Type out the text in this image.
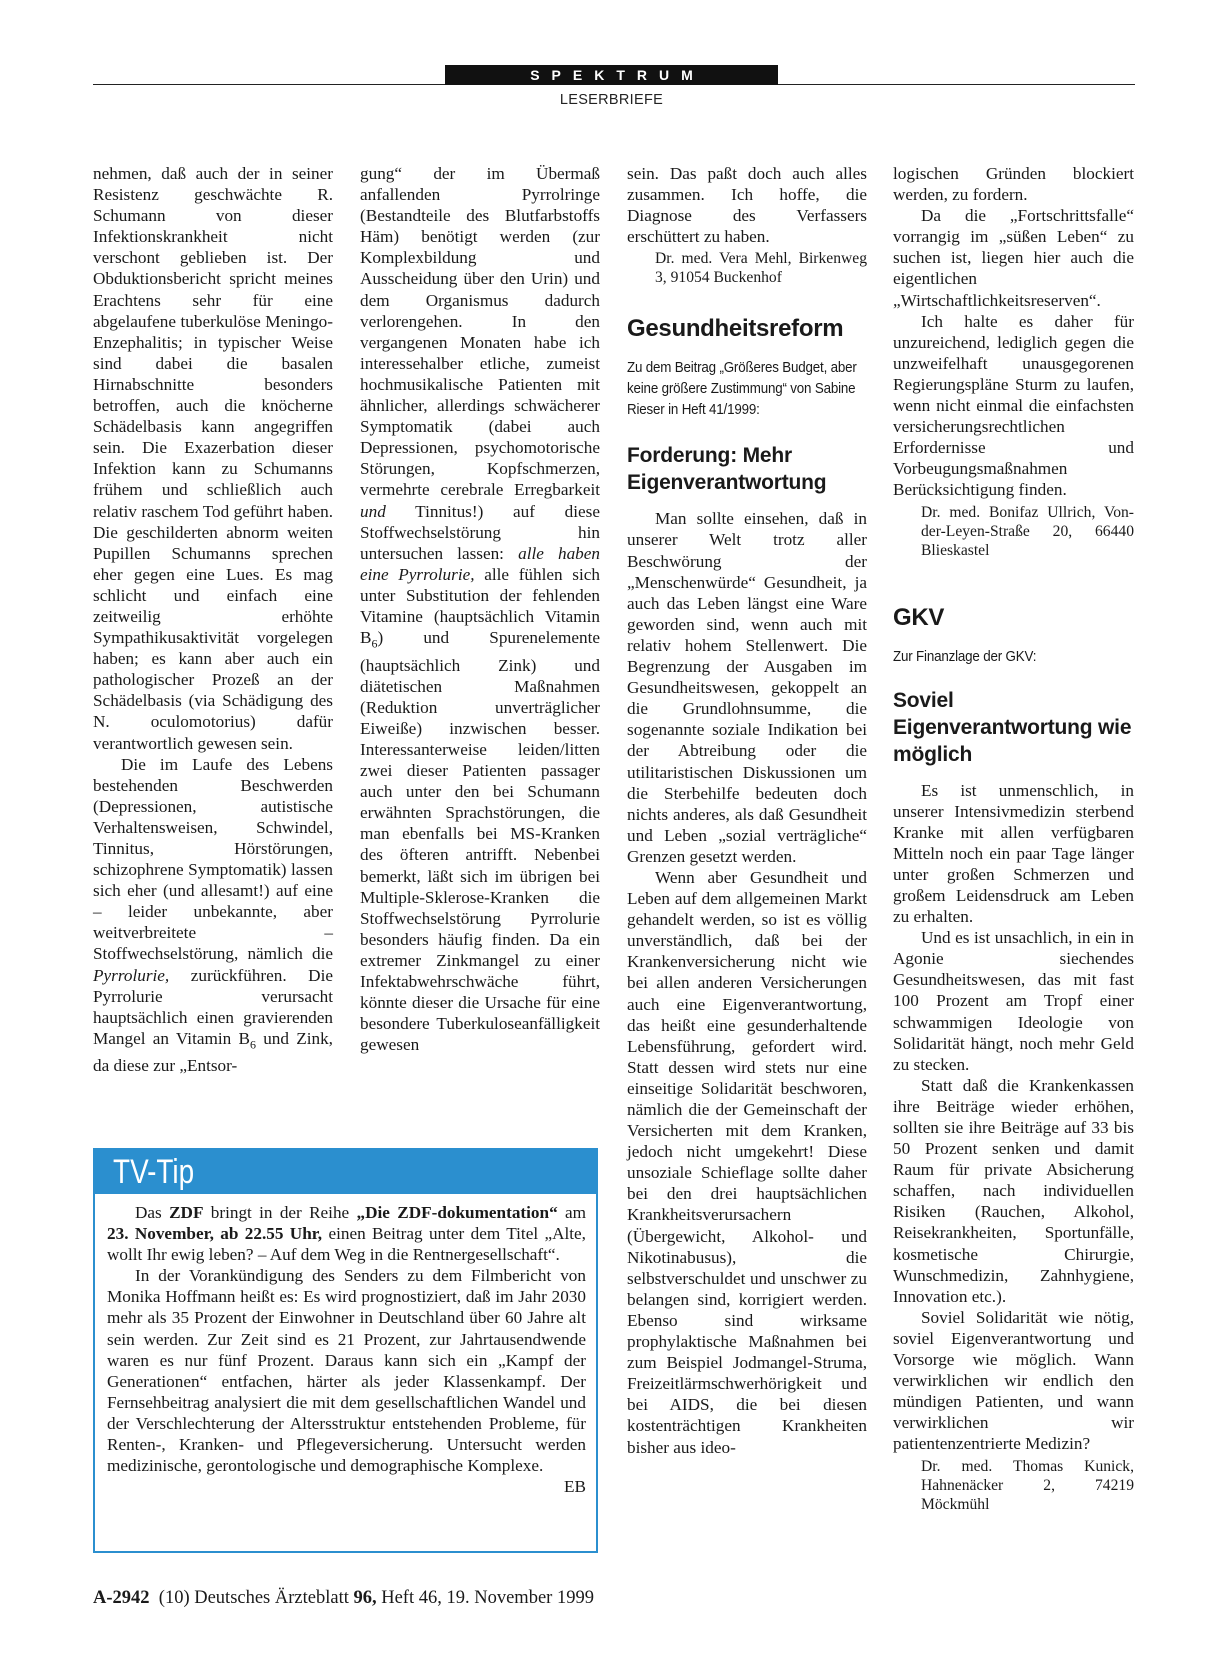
SPEKTRUM
LESERBRIEFE

nehmen, daß auch der in seiner Resistenz geschwächte R. Schumann von dieser Infektionskrankheit nicht verschont geblieben ist. Der Obduktionsbericht spricht meines Erachtens sehr für eine abgelaufene tuberkulöse Meningo-Enzephalitis; in typischer Weise sind dabei die basalen Hirnabschnitte besonders betroffen, auch die knöcherne Schädelbasis kann angegriffen sein. Die Exazerbation dieser Infektion kann zu Schumanns frühem und schließlich auch relativ raschem Tod geführt haben. Die geschilderten abnorm weiten Pupillen Schumanns sprechen eher gegen eine Lues. Es mag schlicht und einfach eine zeitweilig erhöhte Sympathikusaktivität vorgelegen haben; es kann aber auch ein pathologischer Prozeß an der Schädelbasis (via Schädigung des N. oculomotorius) dafür verantwortlich gewesen sein.

Die im Laufe des Lebens bestehenden Beschwerden (Depressionen, autistische Verhaltensweisen, Schwindel, Tinnitus, Hörstörungen, schizophrene Symptomatik) lassen sich eher (und allesamt!) auf eine – leider unbekannte, aber weitverbreitete – Stoffwechselstörung, nämlich die Pyrrolurie, zurückführen. Die Pyrrolurie verursacht hauptsächlich einen gravierenden Mangel an Vitamin $B_6$ und Zink, da diese zur „Entsor-

gung“ der im Übermaß anfallenden Pyrrolringe (Bestandteile des Blutfarbstoffs Häm) benötigt werden (zur Komplexbildung und Ausscheidung über den Urin) und dem Organismus dadurch verlorengehen. In den vergangenen Monaten habe ich interessehalber etliche, zumeist hochmusikalische Patienten mit ähnlicher, allerdings schwächerer Symptomatik (dabei auch Depressionen, psychomotorische Störungen, Kopfschmerzen, vermehrte cerebrale Erregbarkeit und Tinnitus!) auf diese Stoffwechselstörung hin untersuchen lassen: alle haben eine Pyrrolurie, alle fühlen sich unter Substitution der fehlenden Vitamine (hauptsächlich Vitamin $B_6$) und Spurenelemente (hauptsächlich Zink) und diätetischen Maßnahmen (Reduktion unverträglicher Eiweiße) inzwischen besser. Interessanterweise leiden/litten zwei dieser Patienten passager auch unter den bei Schumann erwähnten Sprachstörungen, die man ebenfalls bei MS-Kranken des öfteren antrifft. Nebenbei bemerkt, läßt sich im übrigen bei Multiple-Sklerose-Kranken die Stoffwechselstörung Pyrrolurie besonders häufig finden. Da ein extremer Zinkmangel zu einer Infektabwehrschwäche führt, könnte dieser die Ursache für eine besondere Tuberkuloseanfälligkeit gewesen

sein. Das paßt doch auch alles zusammen. Ich hoffe, die Diagnose des Verfassers erschüttert zu haben.

Dr. med. Vera Mehl, Birkenweg 3, 91054 Buckenhof

Gesundheitsreform

Zu dem Beitrag „Größeres Budget, aber keine größere Zustimmung“ von Sabine Rieser in Heft 41/1999:

Forderung: Mehr Eigenverantwortung

Man sollte einsehen, daß in unserer Welt trotz aller Beschwörung der „Menschenwürde“ Gesundheit, ja auch das Leben längst eine Ware geworden sind, wenn auch mit relativ hohem Stellenwert. Die Begrenzung der Ausgaben im Gesundheitswesen, gekoppelt an die Grundlohnsumme, die sogenannte soziale Indikation bei der Abtreibung oder die utilitaristischen Diskussionen um die Sterbehilfe bedeuten doch nichts anderes, als daß Gesundheit und Leben „sozial verträgliche“ Grenzen gesetzt werden.

Wenn aber Gesundheit und Leben auf dem allgemeinen Markt gehandelt werden, so ist es völlig unverständlich, daß bei der Krankenversicherung nicht wie bei allen anderen Versicherungen auch eine Eigenverantwortung, das heißt eine gesunderhaltende Lebensführung, gefordert wird. Statt dessen wird stets nur eine einseitige Solidarität beschworen, nämlich die der Gemeinschaft der Versicherten mit dem Kranken, jedoch nicht umgekehrt! Diese unsoziale Schieflage sollte daher bei den drei hauptsächlichen Krankheitsverursachern (Übergewicht, Alkohol- und Nikotinabusus), die selbstverschuldet und unschwer zu belangen sind, korrigiert werden. Ebenso sind wirksame prophylaktische Maßnahmen bei zum Beispiel Jodmangel-Struma, Freizeitlärmschwerhörigkeit und bei AIDS, die bei diesen kostenträchtigen Krankheiten bisher aus ideo-

logischen Gründen blockiert werden, zu fordern.

Da die „Fortschrittsfalle“ vorrangig im „süßen Leben“ zu suchen ist, liegen hier auch die eigentlichen „Wirtschaftlichkeitsreserven“.

Ich halte es daher für unzureichend, lediglich gegen die unzweifelhaft unausgegorenen Regierungspläne Sturm zu laufen, wenn nicht einmal die einfachsten versicherungsrechtlichen Erfordernisse und Vorbeugungsmaßnahmen Berücksichtigung finden.

Dr. med. Bonifaz Ullrich, Von-der-Leyen-Straße 20, 66440 Blieskastel

GKV

Zur Finanzlage der GKV:

Soviel Eigenverantwortung wie möglich

Es ist unmenschlich, in unserer Intensivmedizin sterbend Kranke mit allen verfügbaren Mitteln noch ein paar Tage länger unter großen Schmerzen und großem Leidensdruck am Leben zu erhalten.

Und es ist unsachlich, in ein in Agonie siechendes Gesundheitswesen, das mit fast 100 Prozent am Tropf einer schwammigen Ideologie von Solidarität hängt, noch mehr Geld zu stecken.

Statt daß die Krankenkassen ihre Beiträge wieder erhöhen, sollten sie ihre Beiträge auf 33 bis 50 Prozent senken und damit Raum für private Absicherung schaffen, nach individuellen Risiken (Rauchen, Alkohol, Reisekrankheiten, Sportunfälle, kosmetische Chirurgie, Wunschmedizin, Zahnhygiene, Innovation etc.).

Soviel Solidarität wie nötig, soviel Eigenverantwortung und Vorsorge wie möglich. Wann verwirklichen wir endlich den mündigen Patienten, und wann verwirklichen wir patientenzentrierte Medizin?

Dr. med. Thomas Kunick, Hahnenäcker 2, 74219 Möckmühl

TV-Tip

Das ZDF bringt in der Reihe „Die ZDF-dokumentation“ am 23. November, ab 22.55 Uhr, einen Beitrag unter dem Titel „Alte, wollt Ihr ewig leben? – Auf dem Weg in die Rentnergesellschaft“.

In der Vorankündigung des Senders zu dem Filmbericht von Monika Hoffmann heißt es: Es wird prognostiziert, daß im Jahr 2030 mehr als 35 Prozent der Einwohner in Deutschland über 60 Jahre alt sein werden. Zur Zeit sind es 21 Prozent, zur Jahrtausendwende waren es nur fünf Prozent. Daraus kann sich ein „Kampf der Generationen“ entfachen, härter als jeder Klassenkampf. Der Fernsehbeitrag analysiert die mit dem gesellschaftlichen Wandel und der Verschlechterung der Altersstruktur entstehenden Probleme, für Renten-, Kranken- und Pflegeversicherung. Untersucht werden medizinische, gerontologische und demographische Komplexe.

EB
A-2942 (10) Deutsches Ärzteblatt 96, Heft 46, 19. November 1999
